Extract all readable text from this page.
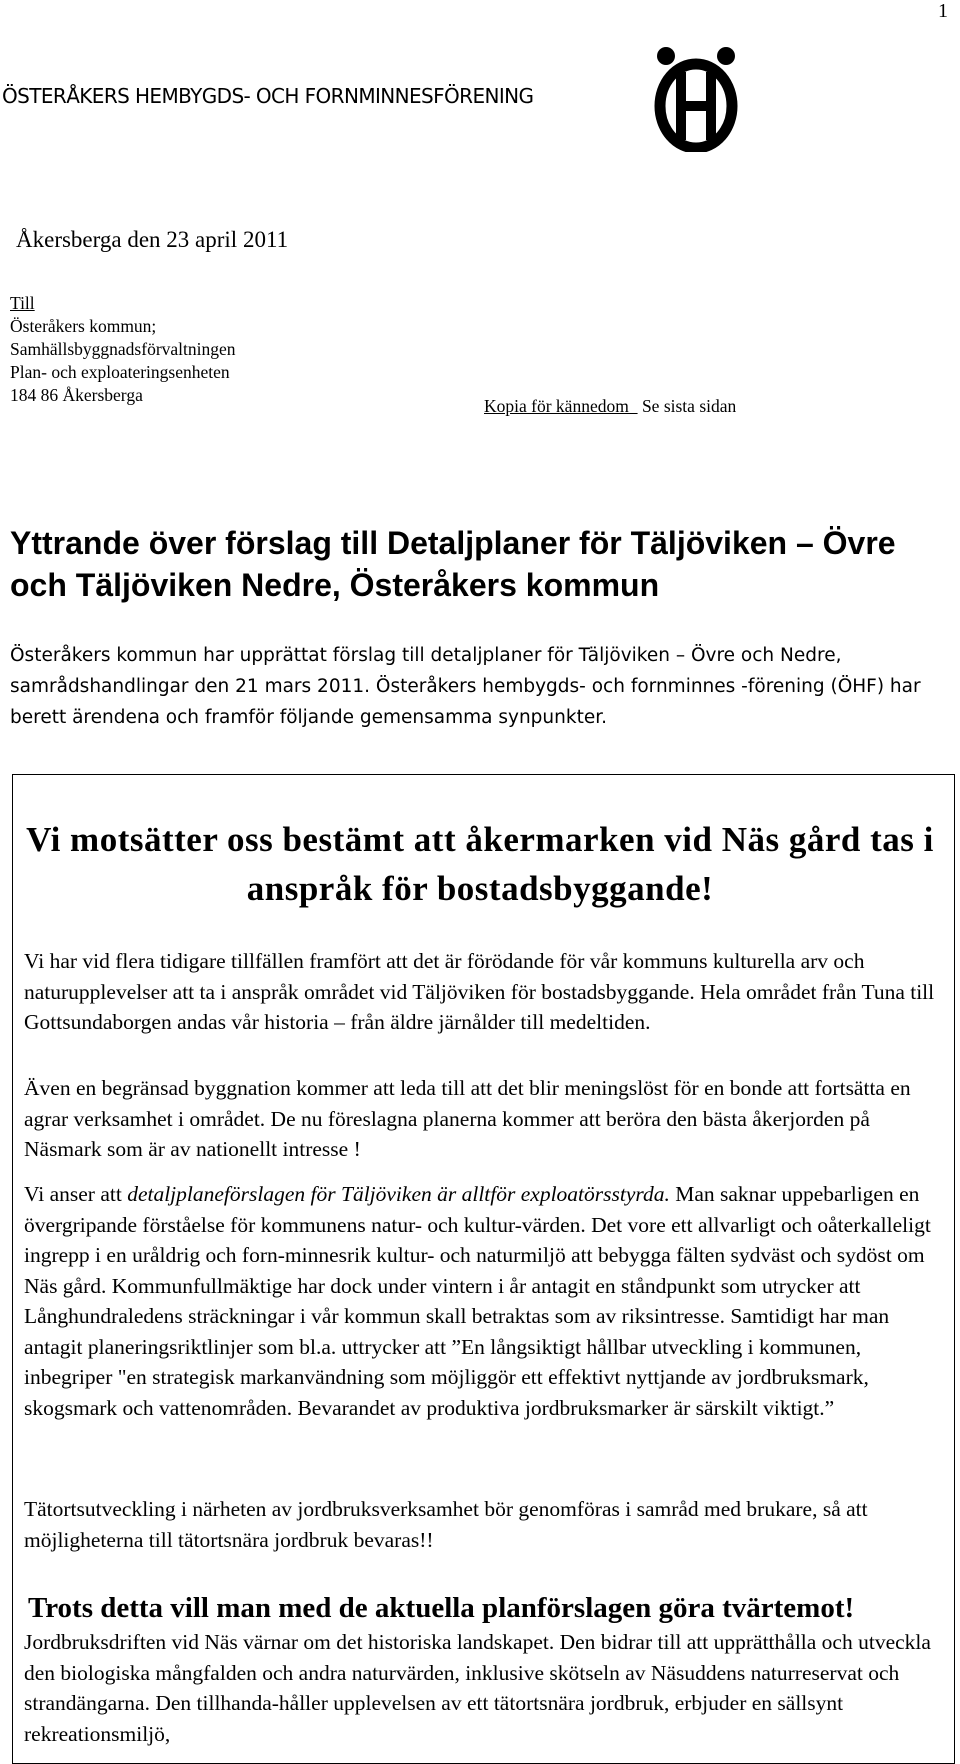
1
ÖSTERÅKERS HEMBYGDS- OCH FORNMINNESFÖRENING
Åkersberga den 23 april 2011
Till
Österåkers kommun;
Samhällsbyggnadsförvaltningen
Plan- och exploateringsenheten
184 86 Åkersberga
Kopia för kännedom   Se sista sidan
Yttrande över förslag till Detaljplaner för Täljöviken – Övre och Täljöviken Nedre, Österåkers kommun

Österåkers kommun har upprättat förslag till detaljplaner för Täljöviken – Övre och Nedre, samrådshandlingar den 21 mars 2011. Österåkers hembygds- och fornminnes -förening (ÖHF) har berett ärendena och framför följande gemensamma synpunkter.

Vi motsätter oss bestämt att åkermarken vid Näs gård tas i anspråk för bostadsbyggande!

Vi har vid flera tidigare tillfällen framfört att det är förödande för vår kommuns kulturella arv och naturupplevelser att ta i anspråk området vid Täljöviken för bostadsbyggande. Hela området från Tuna till Gottsundaborgen andas vår historia – från äldre järnålder till medeltiden.

Även en begränsad byggnation kommer att leda till att det blir meningslöst för en bonde att fortsätta en agrar verksamhet i området. De nu föreslagna planerna kommer att beröra den bästa åkerjorden på Näsmark som är av nationellt intresse !

Vi anser att detaljplaneförslagen för Täljöviken är alltför exploatörsstyrda. Man saknar uppebarligen en övergripande förståelse för kommunens natur- och kultur-värden. Det vore ett allvarligt och oåterkalleligt ingrepp i en uråldrig och forn-minnesrik kultur- och naturmiljö att bebygga fälten sydväst och sydöst om Näs gård. Kommunfullmäktige har dock under vintern i år antagit en ståndpunkt som utrycker att Långhundraledens sträckningar i vår kommun skall betraktas som av riksintresse. Samtidigt har man antagit planeringsriktlinjer som bl.a. uttrycker att ”En långsiktigt hållbar utveckling i kommunen, inbegriper "en strategisk markanvändning som möjliggör ett effektivt nyttjande av jordbruksmark, skogsmark och vattenområden. Bevarandet av produktiva jordbruksmarker är särskilt viktigt.”

Tätortsutveckling i närheten av jordbruksverksamhet bör genomföras i samråd med brukare, så att möjligheterna till tätortsnära jordbruk bevaras!!

Trots detta vill man med de aktuella planförslagen göra tvärtemot!

Jordbruksdriften vid Näs värnar om det historiska landskapet. Den bidrar till att upprätthålla och utveckla den biologiska mångfalden och andra naturvärden, inklusive skötseln av Näsuddens naturreservat och strandängarna. Den tillhanda-håller upplevelsen av ett tätortsnära jordbruk, erbjuder en sällsynt rekreationsmiljö,
